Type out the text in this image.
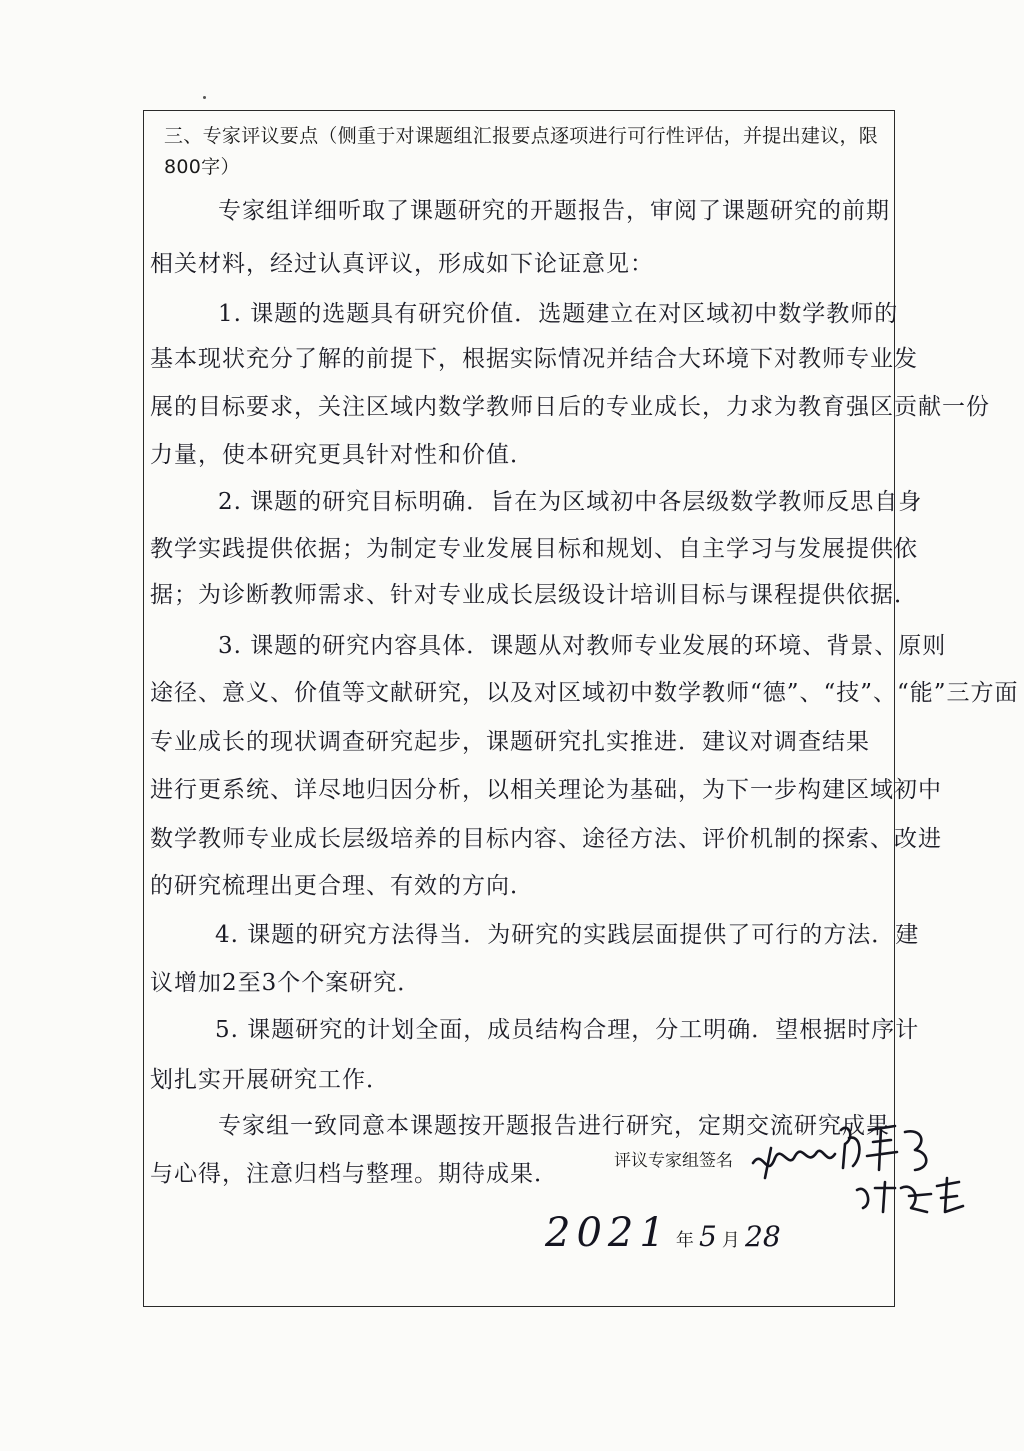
三、专家评议要点（侧重于对课题组汇报要点逐项进行可行性评估，并提出建议，限800字）
专家组详细听取了课题研究的开题报告，审阅了课题研究的前期
相关材料，经过认真评议，形成如下论证意见：
1. 课题的选题具有研究价值．选题建立在对区域初中数学教师的
基本现状充分了解的前提下，根据实际情况并结合大环境下对教师专业发
展的目标要求，关注区域内数学教师日后的专业成长，力求为教育强区贡献一份
力量，使本研究更具针对性和价值．
2. 课题的研究目标明确．旨在为区域初中各层级数学教师反思自身
教学实践提供依据；为制定专业发展目标和规划、自主学习与发展提供依
据；为诊断教师需求、针对专业成长层级设计培训目标与课程提供依据．
3. 课题的研究内容具体．课题从对教师专业发展的环境、背景、原则
途径、意义、价值等文献研究，以及对区域初中数学教师“德”、“技”、“能”三方面
专业成长的现状调查研究起步，课题研究扎实推进．建议对调查结果
进行更系统、详尽地归因分析，以相关理论为基础，为下一步构建区域初中
数学教师专业成长层级培养的目标内容、途径方法、评价机制的探索、改进
的研究梳理出更合理、有效的方向．
4. 课题的研究方法得当．为研究的实践层面提供了可行的方法．建
议增加2至3个个案研究．
5. 课题研究的计划全面，成员结构合理，分工明确．望根据时序计
划扎实开展研究工作．
专家组一致同意本课题按开题报告进行研究，定期交流研究成果
与心得，注意归档与整理。期待成果．	评议专家组签名
2021 年 5 月 28
